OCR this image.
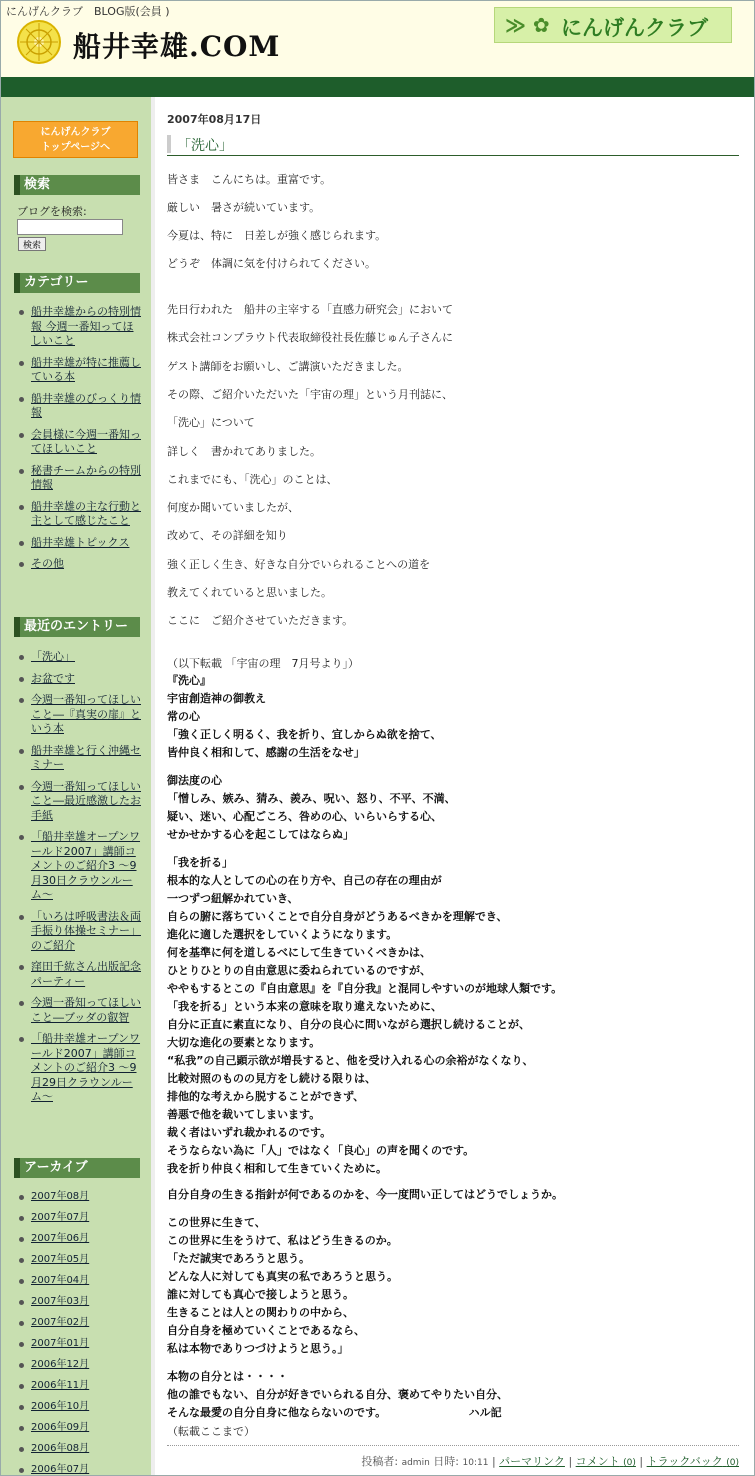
にんげんクラブ　BLOG版(会員 )
船井幸雄.COM
≫ ✿ にんげんクラブ
にんげんクラブ
トップページへ
検索
ブログを検索:
検索
カテゴリー
船井幸雄からの特別情報 今週一番知ってほしいこと
船井幸雄が特に推薦している本
船井幸雄のびっくり情報
会員様に今週一番知ってほしいこと
秘書チームからの特別情報
船井幸雄の主な行動と主として感じたこと
船井幸雄トピックス
その他
最近のエントリー
「洗心」
お盆です
今週一番知ってほしいこと―『真実の扉』という本
船井幸雄と行く沖縄セミナー
今週一番知ってほしいこと―最近感激したお手紙
「船井幸雄オープンワールド2007」講師コメントのご紹介3 ～9月30日クラウンルーム～
「いろは呼吸書法＆両手振り体操セミナー」のご紹介
窪田千紘さん出版記念パーティー
今週一番知ってほしいこと―ブッダの叡智
「船井幸雄オープンワールド2007」講師コメントのご紹介3 ～9月29日クラウンルーム～
アーカイブ
2007年08月
2007年07月
2007年06月
2007年05月
2007年04月
2007年03月
2007年02月
2007年01月
2006年12月
2006年11月
2006年10月
2006年09月
2006年08月
2006年07月
2007年08月17日
「洗心」
皆さま　こんにちは。重富です。
厳しい　暑さが続いています。
今夏は、特に　日差しが強く感じられます。
どうぞ　体調に気を付けられてください。
先日行われた　船井の主宰する「直感力研究会」において
株式会社コンプラウト代表取締役社長佐藤じゅん子さんに
ゲスト講師をお願いし、ご講演いただきました。
その際、ご紹介いただいた「宇宙の理」という月刊誌に、
「洗心」について
詳しく　書かれてありました。
これまでにも、「洗心」のことは、
何度か聞いていましたが、
改めて、その詳細を知り
強く正しく生き、好きな自分でいられることへの道を
教えてくれていると思いました。
ここに　ご紹介させていただきます。
（以下転載 「宇宙の理　7月号より」）
『洗心』
宇宙創造神の御教え
常の心
「強く正しく明るく、我を折り、宜しからぬ欲を捨て、
皆仲良く相和して、感謝の生活をなせ」
御法度の心
「憎しみ、嫉み、猜み、羨み、呪い、怒り、不平、不満、
疑い、迷い、心配ごころ、咎めの心、いらいらする心、
せかせかする心を起こしてはならぬ」
「我を折る」
根本的な人としての心の在り方や、自己の存在の理由が
一つずつ紐解かれていき、
自らの腑に落ちていくことで自分自身がどうあるべきかを理解でき、
進化に適した選択をしていくようになります。
何を基準に何を道しるべにして生きていくべきかは、
ひとりひとりの自由意思に委ねられているのですが、
ややもするとこの『自由意思』を『自分我』と混同しやすいのが地球人類です。
「我を折る」という本来の意味を取り違えないために、
自分に正直に素直になり、自分の良心に問いながら選択し続けることが、
大切な進化の要素となります。
“私我”の自己顕示欲が増長すると、他を受け入れる心の余裕がなくなり、
比較対照のものの見方をし続ける限りは、
排他的な考えから脱することができず、
善悪で他を裁いてしまいます。
裁く者はいずれ裁かれるのです。
そうならない為に「人」ではなく「良心」の声を聞くのです。
我を折り仲良く相和して生きていくために。
自分自身の生きる指針が何であるのかを、今一度問い正してはどうでしょうか。
この世界に生きて、
この世界に生をうけて、私はどう生きるのか。
「ただ誠実であろうと思う。
どんな人に対しても真実の私であろうと思う。
誰に対しても真心で接しようと思う。
生きることは人との関わりの中から、
自分自身を極めていくことであるなら、
私は本物でありつづけようと思う。」
本物の自分とは・・・・
他の誰でもない、自分が好きでいられる自分、褒めてやりたい自分、
そんな最愛の自分自身に他ならないのです。　　　　　　　　ハル記
（転載ここまで）
投稿者: admin 日時: 10:11 | パーマリンク | コメント (0) | トラックバック (0)
